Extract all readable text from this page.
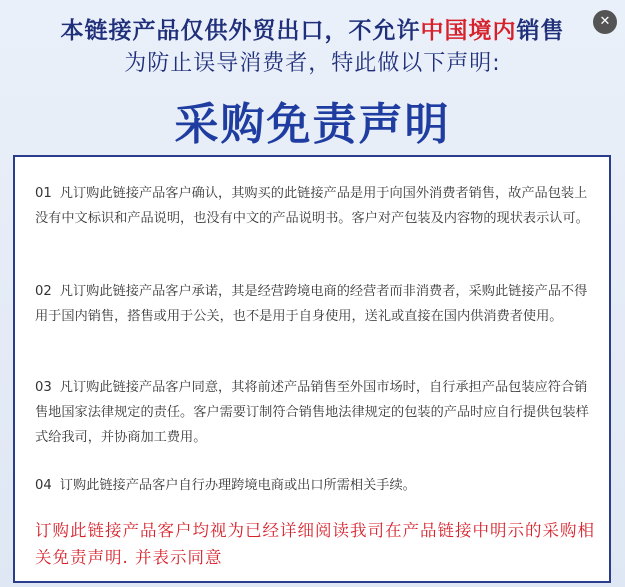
本链接产品仅供外贸出口，不允许中国境内销售
为防止误导消费者，特此做以下声明:
采购免责声明
✕
01 凡订购此链接产品客户确认，其购买的此链接产品是用于向国外消费者销售，故产品包装上没有中文标识和产品说明，也没有中文的产品说明书。客户对产包装及内容物的现状表示认可。
02 凡订购此链接产品客户承诺，其是经营跨境电商的经营者而非消费者，采购此链接产品不得用于国内销售，搭售或用于公关，也不是用于自身使用，送礼或直接在国内供消费者使用。
03 凡订购此链接产品客户同意，其将前述产品销售至外国市场时，自行承担产品包装应符合销售地国家法律规定的责任。客户需要订制符合销售地法律规定的包装的产品时应自行提供包装样式给我司，并协商加工费用。
04 订购此链接产品客户自行办理跨境电商或出口所需相关手续。
订购此链接产品客户均视为已经详细阅读我司在产品链接中明示的采购相关免责声明. 并表示同意
